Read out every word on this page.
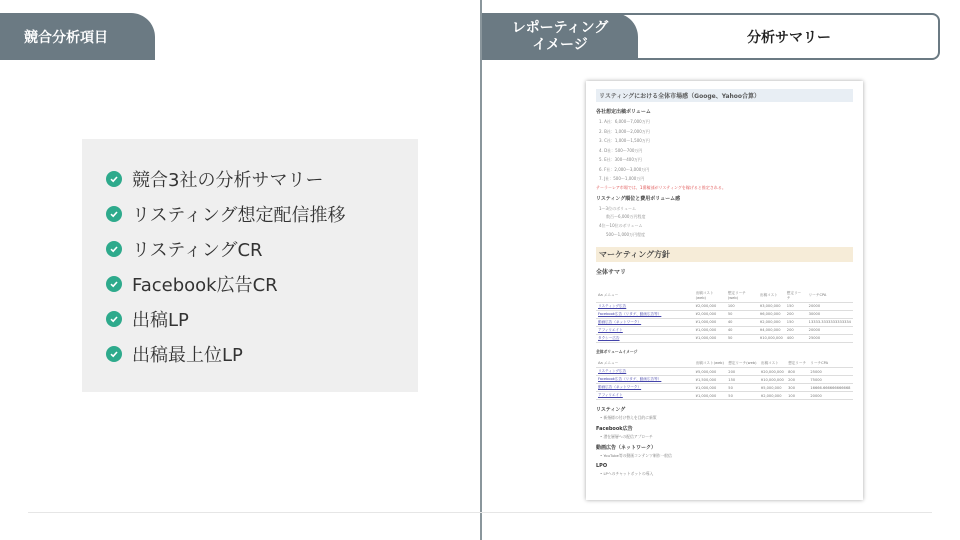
競合分析項目
競合3社の分析サマリー
リスティング想定配信推移
リスティングCR
Facebook広告CR
出稿LP
出稿最上位LP
レポーティング
イメージ	分析サマリー
リスティングにおける全体市場感（Googe、Yahoo合算）
各社想定出稿ボリューム
1. A社：6,000〜7,000万円
2. B社：1,000〜2,000万円
3. C社：1,000〜1,500万円
4. D社：500〜700万円
5. E社：300〜400万円
6. F社：2,000〜3,000万円
7. J社：500〜1,000万円
テーラーレア市場では、1番稼部がリスティングを稼げると推定される。
リスティング順位と費用ボリューム感
1〜3位のボリューム
数百〜6,000万円程度
4位〜10位のボリューム
500〜1,000万円程度
マーケティング方針
全体サマリ
Aa メニュー	出稿コスト(web)	想定リーチ(web)	出稿コスト	想定リーチ	リーチCPA
リスティング広告	¥2,000,000	100	¥3,000,000	150	20000
Facebook広告（リタゲ、動画広告等）	¥2,000,000	50	¥6,000,000	200	30000
動画広告（ネットワーク）	¥1,000,000	40	¥2,000,000	150	13333.3333333333334
アフィリエイト	¥1,000,000	40	¥4,000,000	200	20000
タクシー広告	¥1,000,000	50	¥10,000,000	400	25000
全体ボリュームイメージ
Aa メニュー	出稿コスト(web)	想定リーチ(web)	出稿コスト	想定リーチ	リーチCPA
リスティング広告	¥5,000,000	200	¥20,000,000	800	25000
Facebook広告（リタゲ、動画広告等）	¥1,500,000	150	¥10,000,000	200	75000
動画広告（ネットワーク）	¥1,000,000	50	¥5,000,000	300	16666.666666666668
アフィリエイト	¥1,000,000	50	¥2,000,000	100	20000
リスティング
• 新指標の付け替えを目的に新策
Facebook広告
• 潜在層層への配信アプローチ
動画広告（ネットワーク）
• YouTube等の動画コンテンツ制作一般信
LPO
• LPへのチャットボットの導入
